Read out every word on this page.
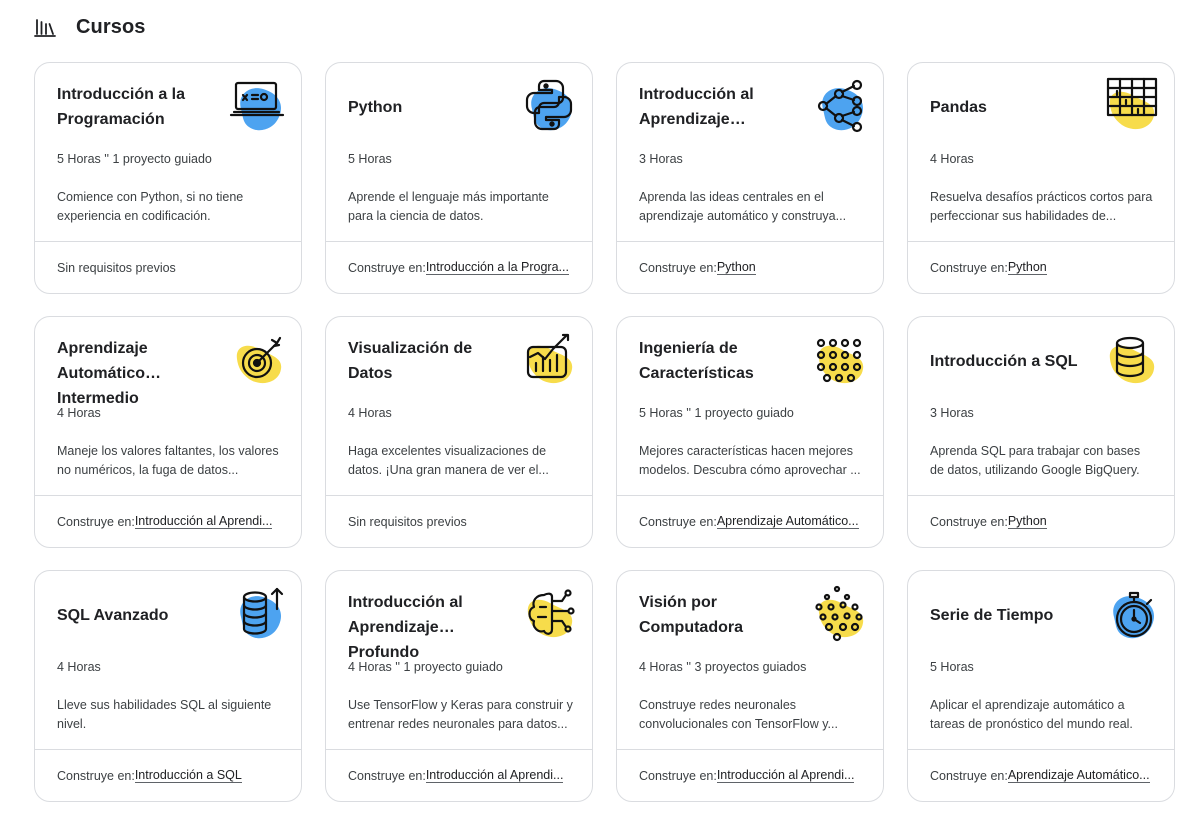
Cursos
Introducción a la Programación
5 Horas '' 1 proyecto guiado
Comience con Python, si no tiene experiencia en codificación.
Sin requisitos previos
Python
5 Horas
Aprende el lenguaje más importante para la ciencia de datos.
Construye en: Introducción a la Progra...
Introducción al Aprendizaje…
3 Horas
Aprenda las ideas centrales en el aprendizaje automático y construya...
Construye en: Python
Pandas
4 Horas
Resuelva desafíos prácticos cortos para perfeccionar sus habilidades de...
Construye en: Python
Aprendizaje Automático Intermedio
4 Horas
Maneje los valores faltantes, los valores no numéricos, la fuga de datos...
Construye en: Introducción al Aprendi...
Visualización de Datos
4 Horas
Haga excelentes visualizaciones de datos. ¡Una gran manera de ver el...
Sin requisitos previos
Ingeniería de Características
5 Horas '' 1 proyecto guiado
Mejores características hacen mejores modelos. Descubra cómo aprovechar ...
Construye en: Aprendizaje Automático...
Introducción a SQL
3 Horas
Aprenda SQL para trabajar con bases de datos, utilizando Google BigQuery.
Construye en: Python
SQL Avanzado
4 Horas
Lleve sus habilidades SQL al siguiente nivel.
Construye en: Introducción a SQL
Introducción al Aprendizaje Profundo
4 Horas '' 1 proyecto guiado
Use TensorFlow y Keras para construir y entrenar redes neuronales para datos...
Construye en: Introducción al Aprendi...
Visión por Computadora
4 Horas '' 3 proyectos guiados
Construye redes neuronales convolucionales con TensorFlow y...
Construye en: Introducción al Aprendi...
Serie de Tiempo
5 Horas
Aplicar el aprendizaje automático a tareas de pronóstico del mundo real.
Construye en: Aprendizaje Automático...
